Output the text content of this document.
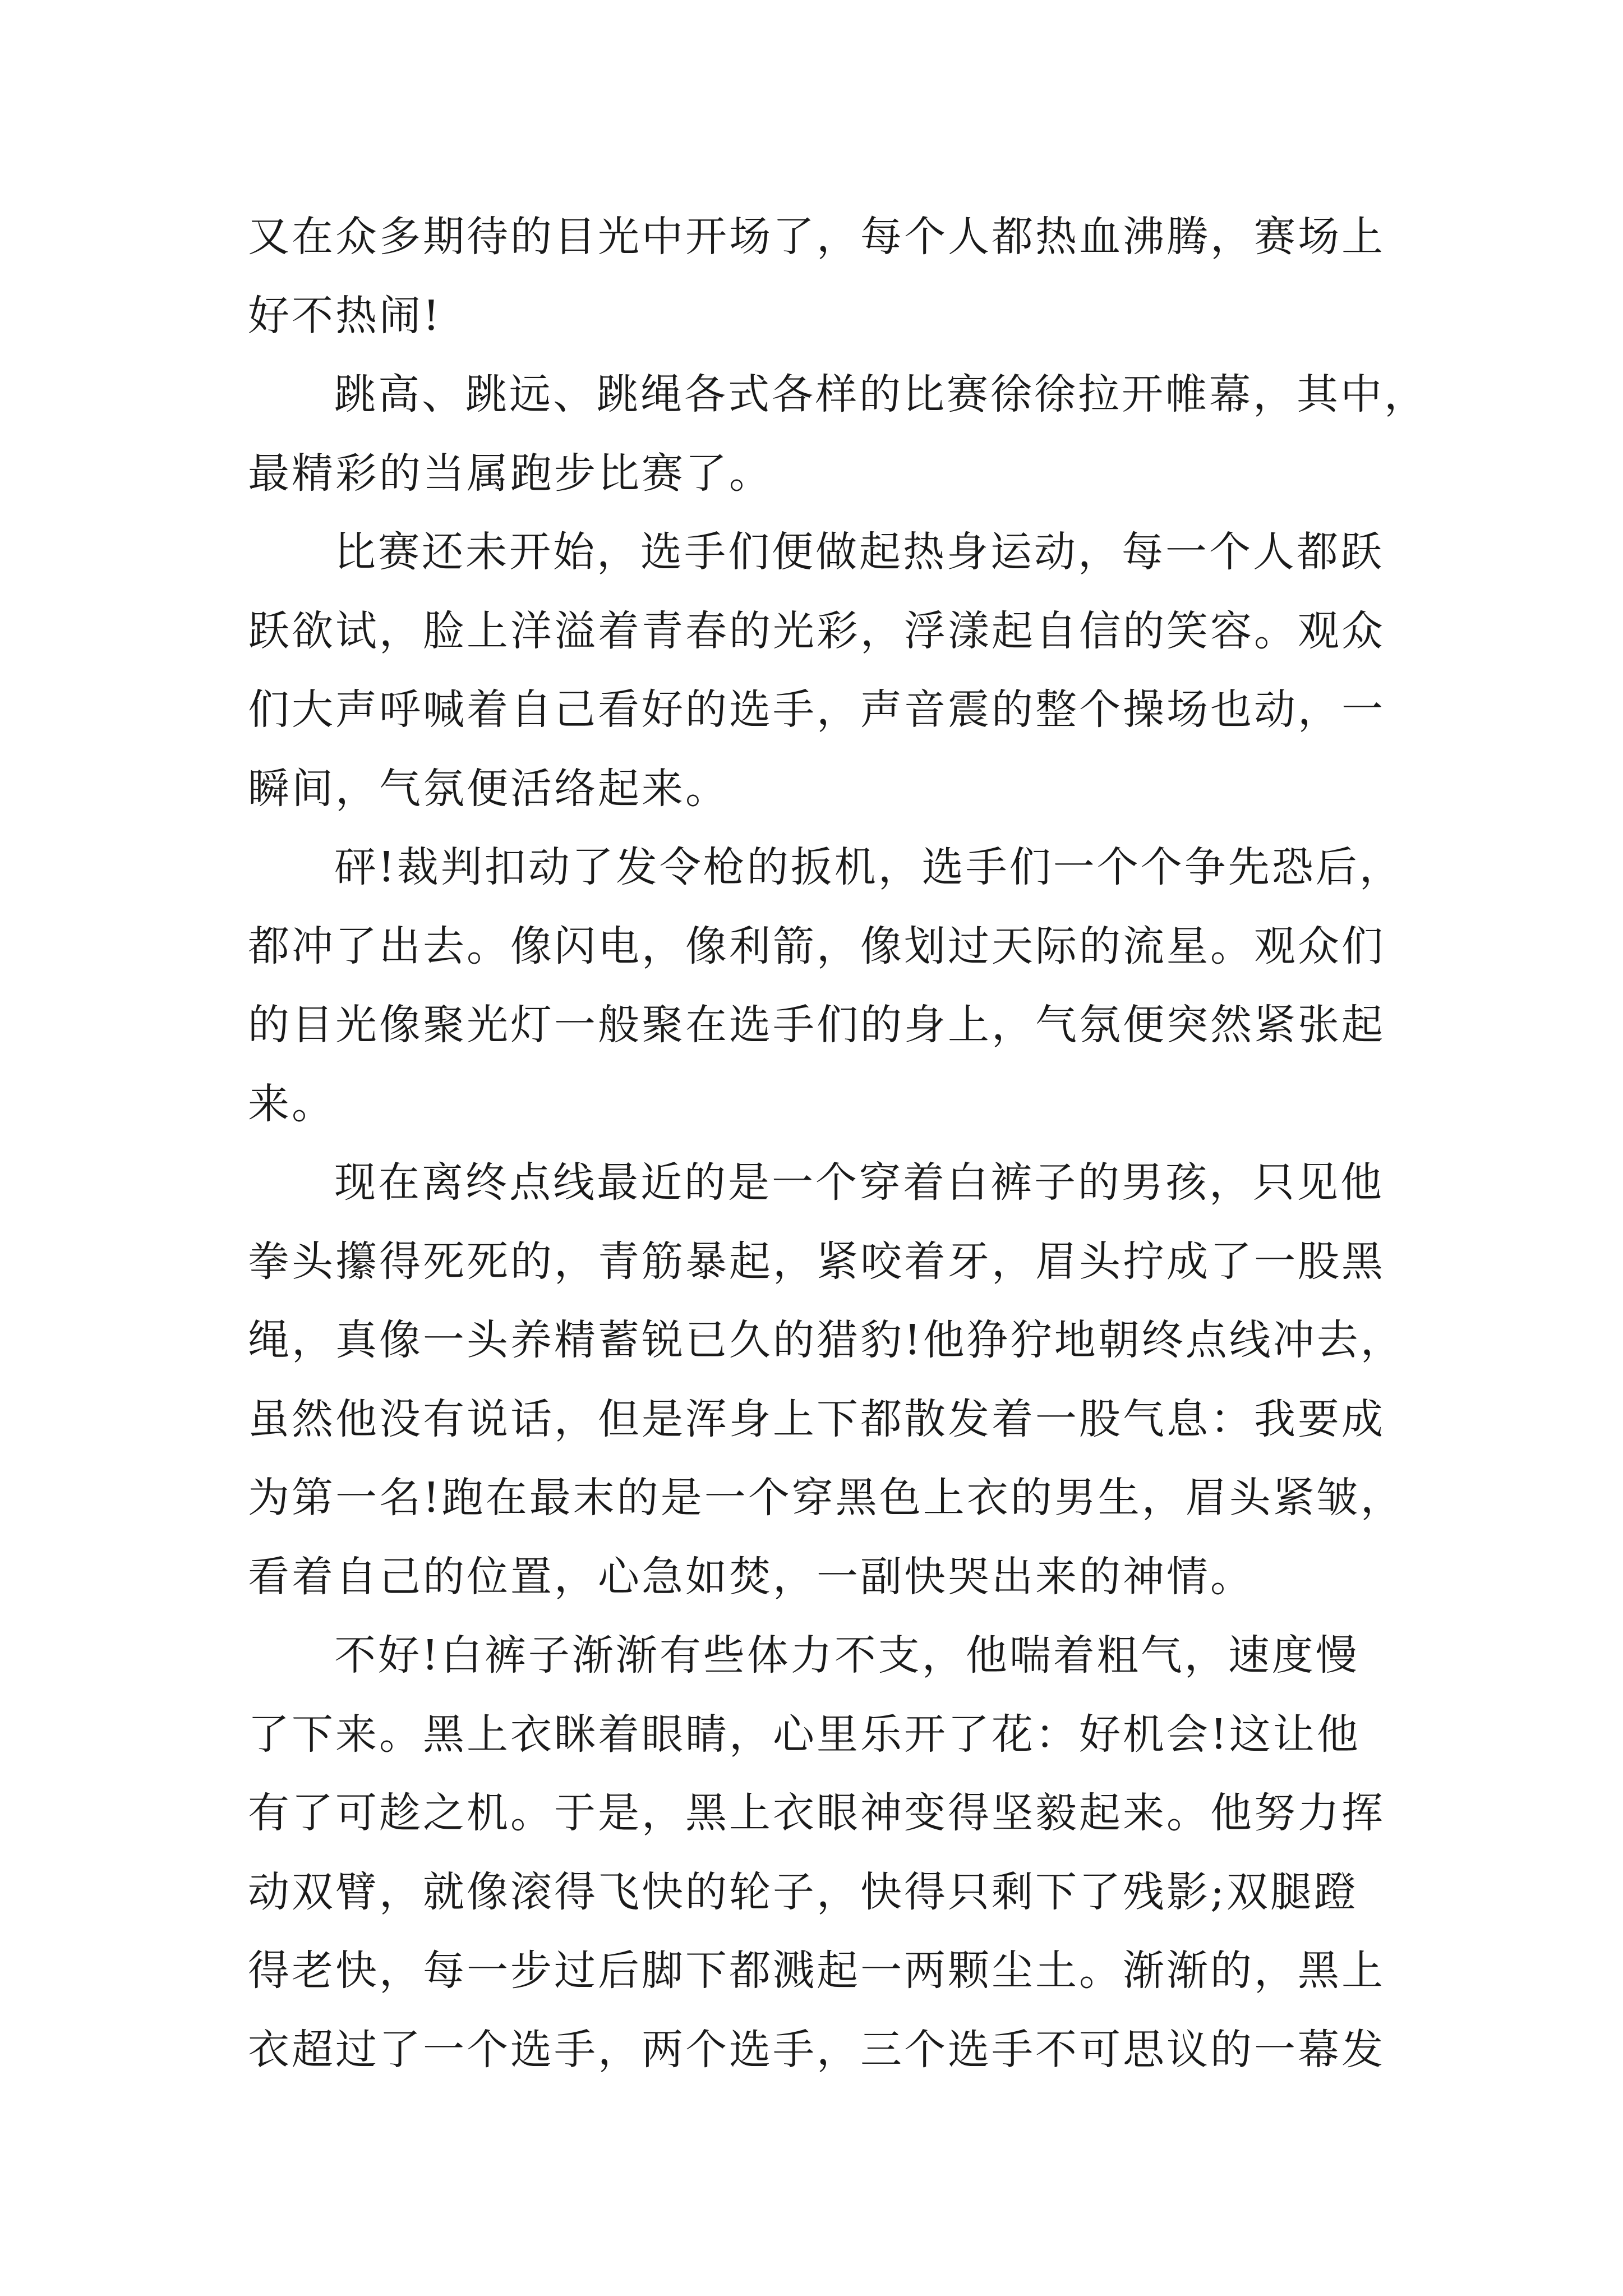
又在众多期待的目光中开场了，每个人都热血沸腾，赛场上
好不热闹!
跳高、跳远、跳绳各式各样的比赛徐徐拉开帷幕，其中，
最精彩的当属跑步比赛了。
比赛还未开始，选手们便做起热身运动，每一个人都跃
跃欲试，脸上洋溢着青春的光彩，浮漾起自信的笑容。观众
们大声呼喊着自己看好的选手，声音震的整个操场也动，一
瞬间，气氛便活络起来。
砰!裁判扣动了发令枪的扳机，选手们一个个争先恐后，
都冲了出去。像闪电，像利箭，像划过天际的流星。观众们
的目光像聚光灯一般聚在选手们的身上，气氛便突然紧张起
来。
现在离终点线最近的是一个穿着白裤子的男孩，只见他
拳头攥得死死的，青筋暴起，紧咬着牙，眉头拧成了一股黑
绳，真像一头养精蓄锐已久的猎豹!他狰狞地朝终点线冲去，
虽然他没有说话，但是浑身上下都散发着一股气息：我要成
为第一名!跑在最末的是一个穿黑色上衣的男生，眉头紧皱，
看着自己的位置，心急如焚，一副快哭出来的神情。
不好!白裤子渐渐有些体力不支，他喘着粗气，速度慢
了下来。黑上衣眯着眼睛，心里乐开了花：好机会!这让他
有了可趁之机。于是，黑上衣眼神变得坚毅起来。他努力挥
动双臂，就像滚得飞快的轮子，快得只剩下了残影;双腿蹬
得老快，每一步过后脚下都溅起一两颗尘土。渐渐的，黑上
衣超过了一个选手，两个选手，三个选手不可思议的一幕发
